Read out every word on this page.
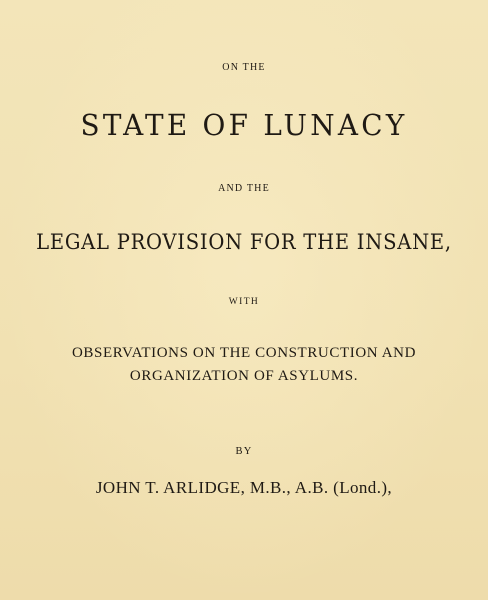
ON THE
STATE OF LUNACY
AND THE
LEGAL PROVISION FOR THE INSANE,
WITH
OBSERVATIONS ON THE CONSTRUCTION AND
ORGANIZATION OF ASYLUMS.
BY
JOHN T. ARLIDGE, M.B., A.B. (Lond.),
